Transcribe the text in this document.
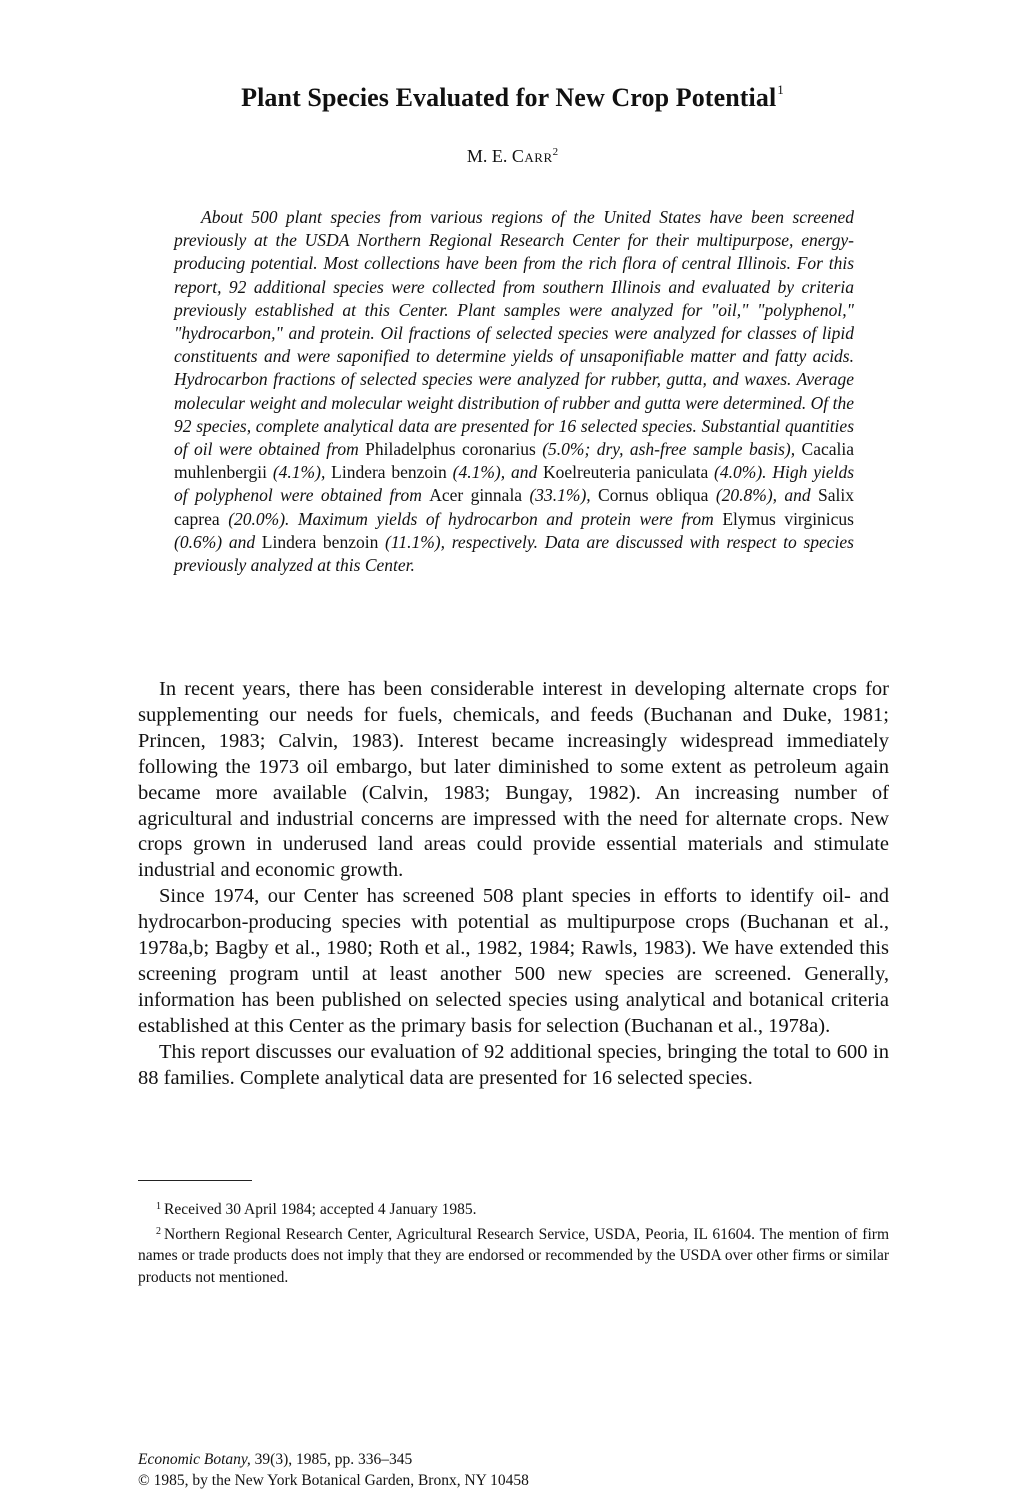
Plant Species Evaluated for New Crop Potential$^1$
M. E. Carr$^2$
About 500 plant species from various regions of the United States have been screened previously at the USDA Northern Regional Research Center for their multipurpose, energy-producing potential. Most collections have been from the rich flora of central Illinois. For this report, 92 additional species were collected from southern Illinois and evaluated by criteria previously established at this Center. Plant samples were analyzed for "oil," "polyphenol," "hydrocarbon," and protein. Oil fractions of selected species were analyzed for classes of lipid constituents and were saponified to determine yields of unsaponifiable matter and fatty acids. Hydrocarbon fractions of selected species were analyzed for rubber, gutta, and waxes. Average molecular weight and molecular weight distribution of rubber and gutta were determined. Of the 92 species, complete analytical data are presented for 16 selected species. Substantial quantities of oil were obtained from Philadelphus coronarius (5.0%; dry, ash-free sample basis), Cacalia muhlenbergii (4.1%), Lindera benzoin (4.1%), and Koelreuteria paniculata (4.0%). High yields of polyphenol were obtained from Acer ginnala (33.1%), Cornus obliqua (20.8%), and Salix caprea (20.0%). Maximum yields of hydrocarbon and protein were from Elymus virginicus (0.6%) and Lindera benzoin (11.1%), respectively. Data are discussed with respect to species previously analyzed at this Center.

In recent years, there has been considerable interest in developing alternate crops for supplementing our needs for fuels, chemicals, and feeds (Buchanan and Duke, 1981; Princen, 1983; Calvin, 1983). Interest became increasingly widespread immediately following the 1973 oil embargo, but later diminished to some extent as petroleum again became more available (Calvin, 1983; Bungay, 1982). An increasing number of agricultural and industrial concerns are impressed with the need for alternate crops. New crops grown in underused land areas could provide essential materials and stimulate industrial and economic growth.

Since 1974, our Center has screened 508 plant species in efforts to identify oil- and hydrocarbon-producing species with potential as multipurpose crops (Buchanan et al., 1978a,b; Bagby et al., 1980; Roth et al., 1982, 1984; Rawls, 1983). We have extended this screening program until at least another 500 new species are screened. Generally, information has been published on selected species using analytical and botanical criteria established at this Center as the primary basis for selection (Buchanan et al., 1978a).

This report discusses our evaluation of 92 additional species, bringing the total to 600 in 88 families. Complete analytical data are presented for 16 selected species.

$^1$ Received 30 April 1984; accepted 4 January 1985.

$^2$ Northern Regional Research Center, Agricultural Research Service, USDA, Peoria, IL 61604. The mention of firm names or trade products does not imply that they are endorsed or recommended by the USDA over other firms or similar products not mentioned.

Economic Botany, 39(3), 1985, pp. 336–345
© 1985, by the New York Botanical Garden, Bronx, NY 10458
